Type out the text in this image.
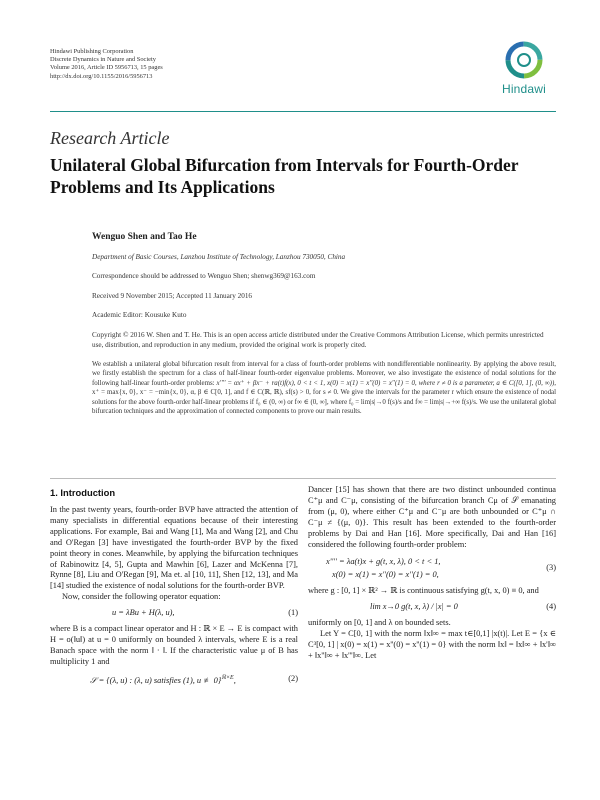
Hindawi Publishing Corporation
Discrete Dynamics in Nature and Society
Volume 2016, Article ID 5956713, 15 pages
http://dx.doi.org/10.1155/2016/5956713
Hindawi
Research Article
Unilateral Global Bifurcation from Intervals for Fourth-Order Problems and Its Applications
Wenguo Shen and Tao He
Department of Basic Courses, Lanzhou Institute of Technology, Lanzhou 730050, China
Correspondence should be addressed to Wenguo Shen; shenwg369@163.com
Received 9 November 2015; Accepted 11 January 2016
Academic Editor: Kousuke Kuto
Copyright © 2016 W. Shen and T. He. This is an open access article distributed under the Creative Commons Attribution License, which permits unrestricted use, distribution, and reproduction in any medium, provided the original work is properly cited.
We establish a unilateral global bifurcation result from interval for a class of fourth-order problems with nondifferentiable nonlinearity. By applying the above result, we firstly establish the spectrum for a class of half-linear fourth-order eigenvalue problems. Moreover, we also investigate the existence of nodal solutions for the following half-linear fourth-order problems: x'''' = αx⁺ + βx⁻ + ra(t)f(x), 0 < t < 1, x(0) = x(1) = x''(0) = x''(1) = 0, where r ≠ 0 is a parameter, a ∈ C([0, 1], (0, ∞)), x⁺ = max{x, 0}, x⁻ = −min{x, 0}, α, β ∈ C[0, 1], and f ∈ C(ℝ, ℝ), sf(s) > 0, for s ≠ 0. We give the intervals for the parameter r which ensure the existence of nodal solutions for the above fourth-order half-linear problems if f₀ ∈ (0, ∞) or f∞ ∈ (0, ∞], where f₀ = lim|s|→0 f(s)/s and f∞ = lim|s|→+∞ f(s)/s. We use the unilateral global bifurcation techniques and the approximation of connected components to prove our main results.
1. Introduction

In the past twenty years, fourth-order BVP have attracted the attention of many specialists in differential equations because of their interesting applications. For example, Bai and Wang [1], Ma and Wang [2], and Chu and O'Regan [3] have investigated the fourth-order BVP by the fixed point theory in cones. Meanwhile, by applying the bifurcation techniques of Rabinowitz [4, 5], Gupta and Mawhin [6], Lazer and McKenna [7], Rynne [8], Liu and O'Regan [9], Ma et. al [10, 11], Shen [12, 13], and Ma [14] studied the existence of nodal solutions for the fourth-order BVP.

Now, consider the following operator equation:

u = λBu + H(λ, u),	(1)

where B is a compact linear operator and H : ℝ × E → E is compact with H = o(‖u‖) at u = 0 uniformly on bounded λ intervals, where E is a real Banach space with the norm ‖ · ‖. If the characteristic value μ of B has multiplicity 1 and

𝒮 = {(λ, u) : (λ, u) satisfies (1), u ≢ 0}$^{ℝ\times E}$,	(2)

Dancer [15] has shown that there are two distinct unbounded continua C⁺μ and C⁻μ, consisting of the bifurcation branch Cμ of 𝒮 emanating from (μ, 0), where either C⁺μ and C⁻μ are both unbounded or C⁺μ ∩ C⁻μ ≠ {(μ, 0)}. This result has been extended to the fourth-order problems by Dai and Han [16]. More specifically, Dai and Han [16] considered the following fourth-order problem:

x'''' = λa(t)x + g(t, x, λ), 0 < t < 1,
x(0) = x(1) = x''(0) = x''(1) = 0,
(3)

where g : [0, 1] × ℝ² → ℝ is continuous satisfying g(t, x, 0) ≡ 0, and

lim x→0 g(t, x, λ) / |x| = 0	(4)

uniformly on [0, 1] and λ on bounded sets.

Let Y = C[0, 1] with the norm ‖x‖∞ = max t∈[0,1] |x(t)|. Let E = {x ∈ C³[0, 1] | x(0) = x(1) = x''(0) = x''(1) = 0} with the norm ‖x‖ = ‖x‖∞ + ‖x'‖∞ + ‖x''‖∞ + ‖x'''‖∞. Let
